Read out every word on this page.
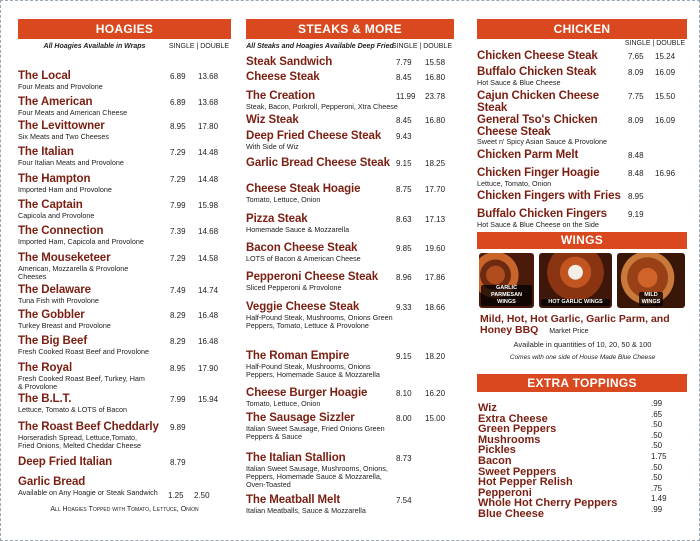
HOAGIES
All Hoagies Available in Wraps	SINGLE | DOUBLE
The Local
Four Meats and Provolone
6.89 13.68
The American
Four Meats and American Cheese
6.89 13.68
The Levittowner
Six Meats and Two Cheeses
8.95 17.80
The Italian
Four Italian Meats and Provolone
7.29 14.48
The Hampton
Imported Ham and Provolone
7.29 14.48
The Captain
Capicola and Provolone
7.99 15.98
The Connection
Imported Ham, Capicola and Provolone
7.39 14.68
The Mouseketeer
American, Mozzarella & Provolone Cheeses
7.29 14.58
The Delaware
Tuna Fish with Provolone
7.49 14.74
The Gobbler
Turkey Breast and Provolone
8.29 16.48
The Big Beef
Fresh Cooked Roast Beef and Provolone
8.29 16.48
The Royal
Fresh Cooked Roast Beef, Turkey, Ham & Provolone
8.95 17.90
The B.L.T.
Lettuce, Tomato & LOTS of Bacon
7.99 15.94
The Roast Beef Cheddarly
Horseradish Spread, Lettuce,Tomato, Fried Onions, Melted Cheddar Cheese
9.89
Deep Fried Italian	8.79
Garlic Bread
Available on Any Hoagie or Steak Sandwich	1.25 2.50
All Hoagies Topped with Tomato, Lettuce, Onion
STEAKS & MORE
All Steaks and Hoagies Available Deep Fried
SINGLE | DOUBLE
Steak Sandwich	7.79 15.58
Cheese Steak	8.45 16.80
The Creation
Steak, Bacon, Porkroll, Pepperoni, Xtra Cheese
11.99 23.78
Wiz Steak	8.45 16.80
Deep Fried Cheese Steak
With Side of Wiz
9.43
Garlic Bread Cheese Steak 9.15 18.25
Cheese Steak Hoagie
Tomato, Lettuce, Onion
8.75 17.70
Pizza Steak
Homemade Sauce & Mozzarella
8.63 17.13
Bacon Cheese Steak
LOTS of Bacon & American Cheese
9.85 19.60
Pepperoni Cheese Steak
Sliced Pepperoni & Provolone
8.96 17.86
Veggie Cheese Steak
Half-Pound Steak, Mushrooms, Onions Green Peppers, Tomato, Lettuce & Provolone
9.33 18.66
The Roman Empire
Half-Pound Steak, Mushrooms, Onions Peppers, Homemade Sauce & Mozzarella
9.15 18.20
Cheese Burger Hoagie
Tomato, Lettuce, Onion
8.10 16.20
The Sausage Sizzler
Italian Sweet Sausage, Fried Onions Green Peppers & Sauce
8.00 15.00
The Italian Stallion
Italian Sweet Sausage, Mushrooms, Onions, Peppers, Homemade Sauce & Mozzarella, Oven-Toasted
8.73
The Meatball Melt
Italian Meatballs, Sauce & Mozzarella
7.54
CHICKEN
SINGLE | DOUBLE
Chicken Cheese Steak	7.65 15.24
Buffalo Chicken Steak
Hot Sauce & Blue Cheese
8.09 16.09
Cajun Chicken Cheese Steak
7.75 15.50
General Tso's Chicken Cheese Steak
Sweet n' Spicy Asian Sauce & Provolone
8.09 16.09
Chicken Parm Melt	8.48
Chicken Finger Hoagie
Lettuce, Tomato, Onion
8.48 16.96
Chicken Fingers with Fries 8.95
Buffalo Chicken Fingers
Hot Sauce & Blue Cheese on the Side
9.19
WINGS
GARLIC PARMESAN WINGS	HOT GARLIC WINGS
MILD WINGS
Mild, Hot, Hot Garlic, Garlic Parm, and Honey BBQ Market Price
Available in quantities of 10, 20, 50 & 100
Comes with one side of House Made Blue Cheese
EXTRA TOPPINGS
Wiz	.99
Extra Cheese	.65
Green Peppers	.50
Mushrooms	.50
Pickles	.50
Bacon	1.75
Sweet Peppers	.50
Hot Pepper Relish	.50
Pepperoni	.75
Whole Hot Cherry Peppers	1.49
Blue Cheese	.99
